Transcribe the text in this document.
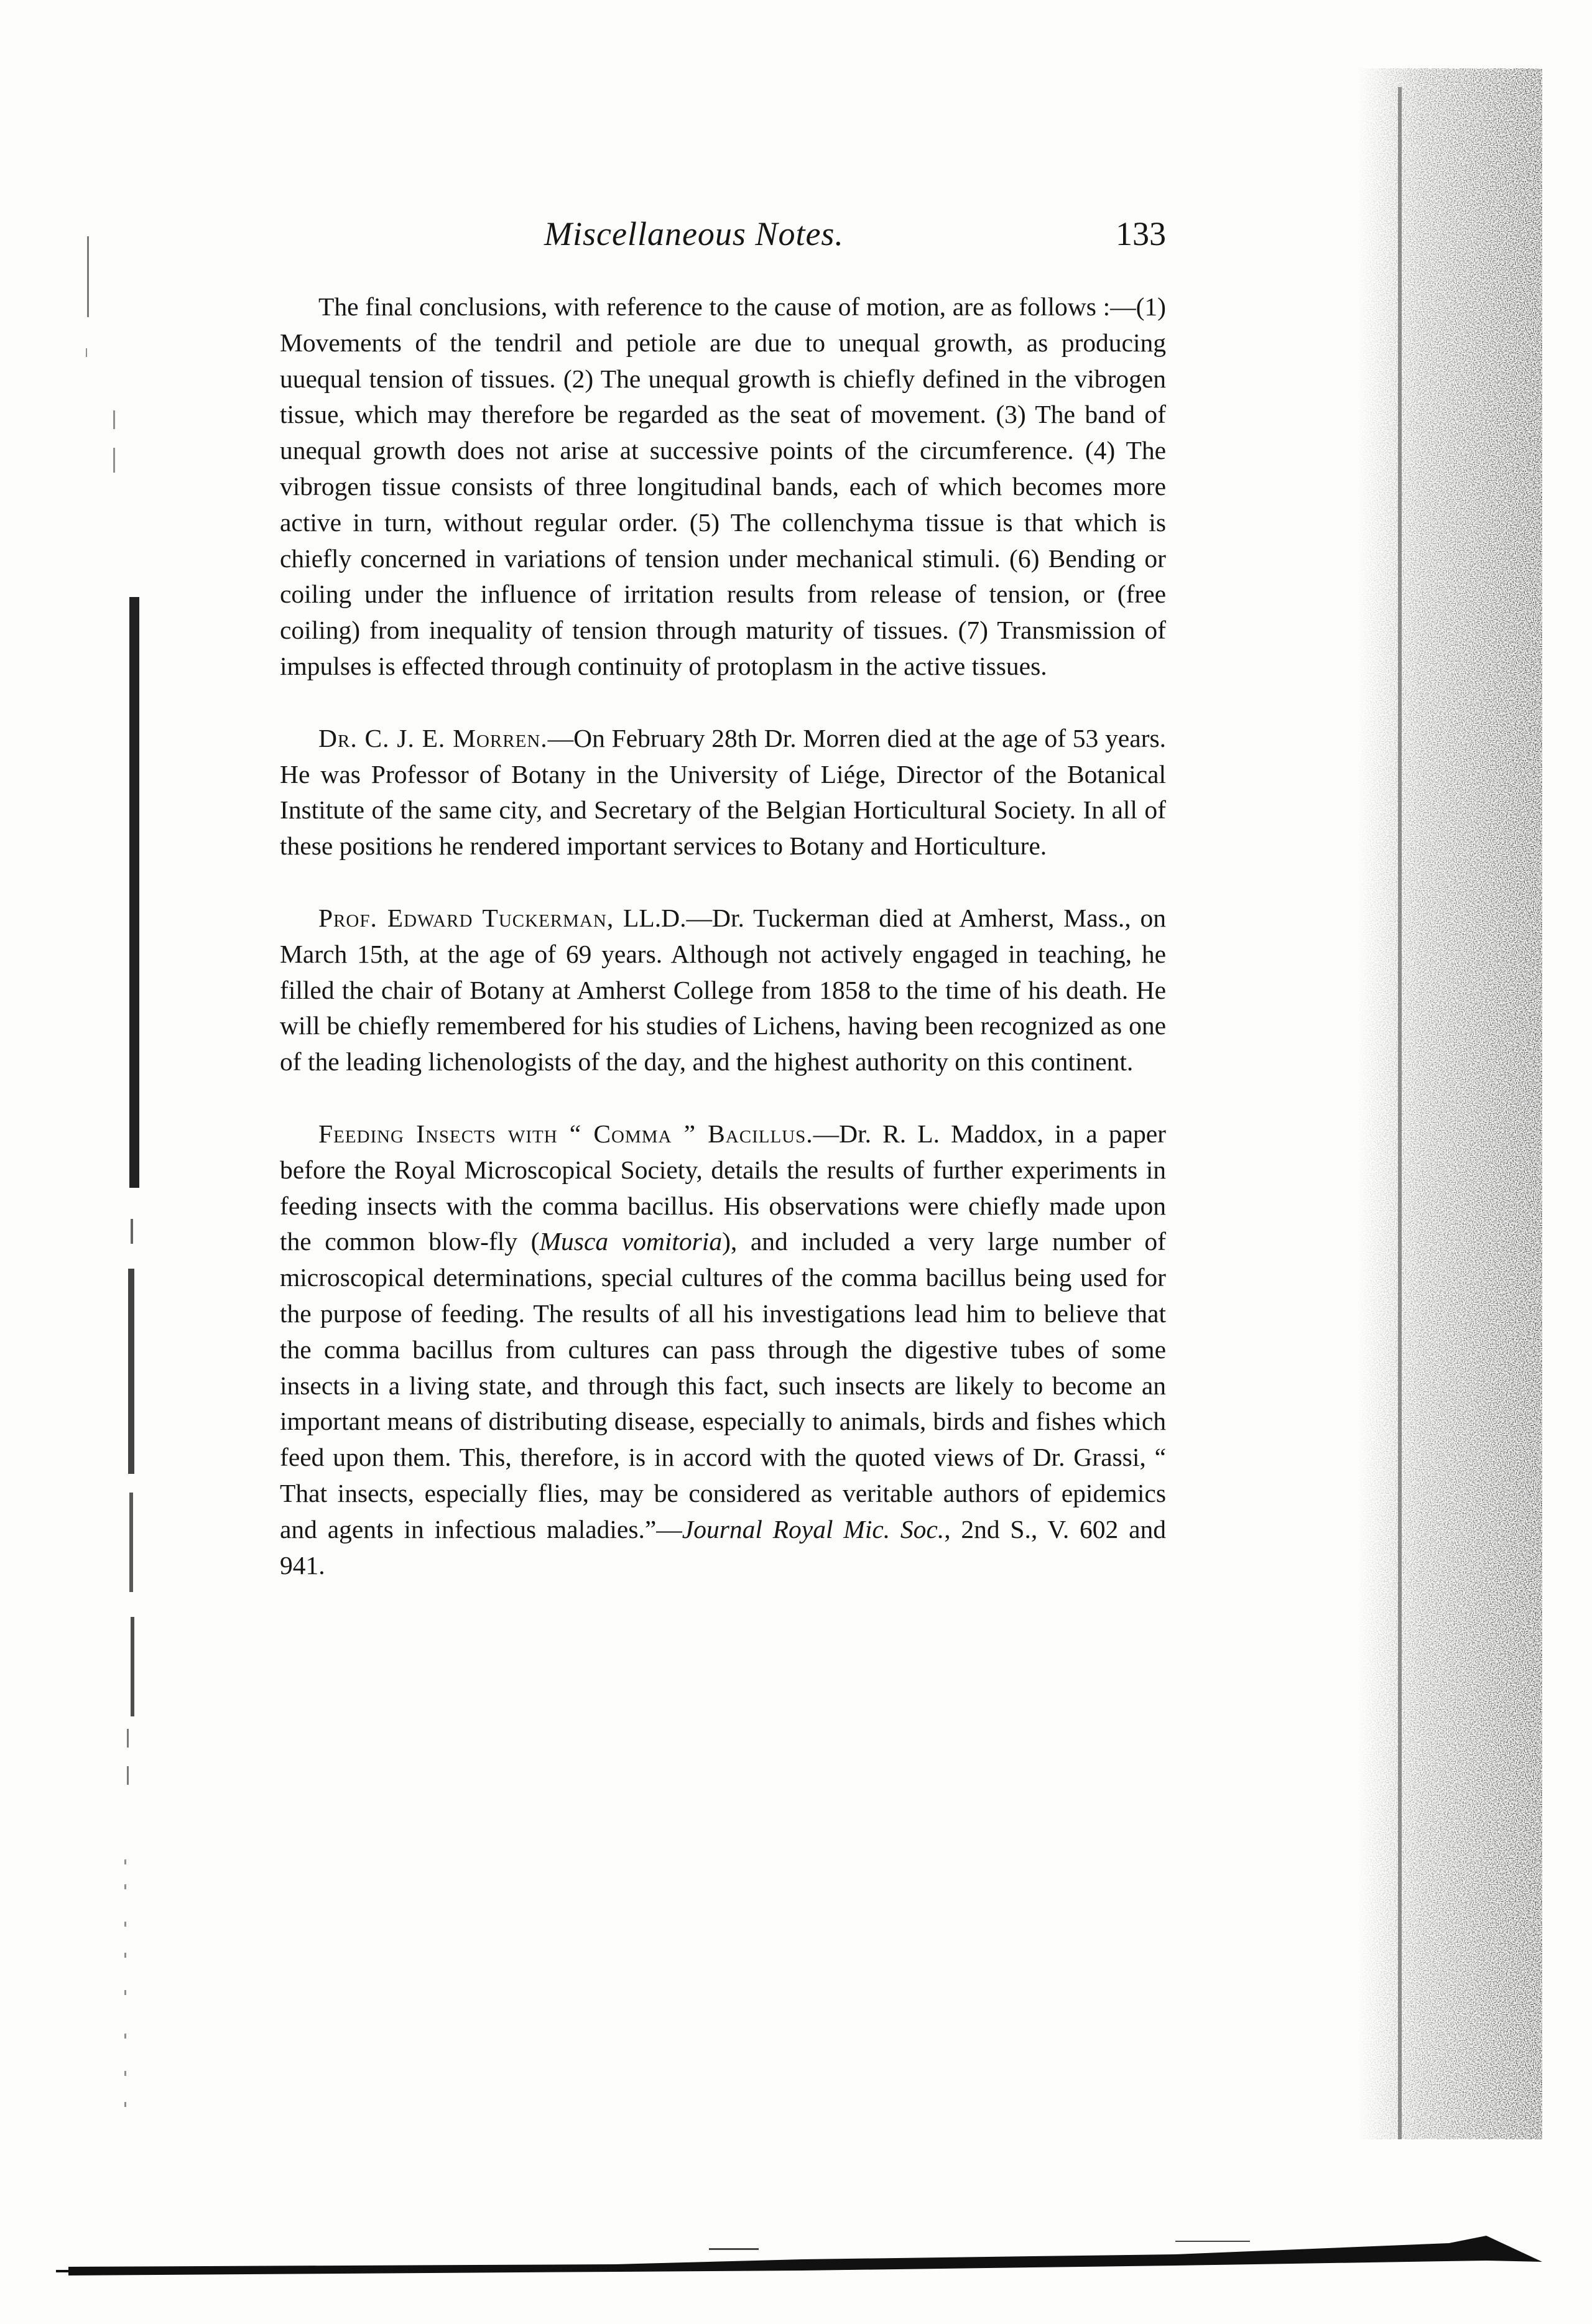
Miscellaneous Notes.	133

The final conclusions, with reference to the cause of motion, are as follows :—(1) Movements of the tendril and petiole are due to unequal growth, as producing uuequal tension of tissues. (2) The unequal growth is chiefly defined in the vibrogen tissue, which may therefore be regarded as the seat of movement. (3) The band of unequal growth does not arise at successive points of the circumference. (4) The vibrogen tissue consists of three longitudinal bands, each of which becomes more active in turn, without regular order. (5) The collenchyma tissue is that which is chiefly concerned in variations of tension under mechanical stimuli. (6) Bending or coiling under the influence of irritation results from release of tension, or (free coiling) from inequality of tension through maturity of tissues. (7) Transmission of impulses is effected through continuity of protoplasm in the active tissues.

Dr. C. J. E. Morren.—On February 28th Dr. Morren died at the age of 53 years. He was Professor of Botany in the University of Liége, Director of the Botanical Institute of the same city, and Secretary of the Belgian Horticultural Society. In all of these positions he rendered important services to Botany and Horticulture.

Prof. Edward Tuckerman, LL.D.—Dr. Tuckerman died at Amherst, Mass., on March 15th, at the age of 69 years. Although not actively engaged in teaching, he filled the chair of Botany at Amherst College from 1858 to the time of his death. He will be chiefly remembered for his studies of Lichens, having been recognized as one of the leading lichenologists of the day, and the highest authority on this continent.

Feeding Insects with “ Comma ” Bacillus.—Dr. R. L. Maddox, in a paper before the Royal Microscopical Society, details the results of further experiments in feeding insects with the comma bacillus. His observations were chiefly made upon the common blow-fly (Musca vomitoria), and included a very large number of microscopical determinations, special cultures of the comma bacillus being used for the purpose of feeding. The results of all his investigations lead him to believe that the comma bacillus from cultures can pass through the digestive tubes of some insects in a living state, and through this fact, such insects are likely to become an important means of distributing disease, especially to animals, birds and fishes which feed upon them. This, therefore, is in accord with the quoted views of Dr. Grassi, “ That insects, especially flies, may be considered as veritable authors of epidemics and agents in infectious maladies.”—Journal Royal Mic. Soc., 2nd S., V. 602 and 941.
